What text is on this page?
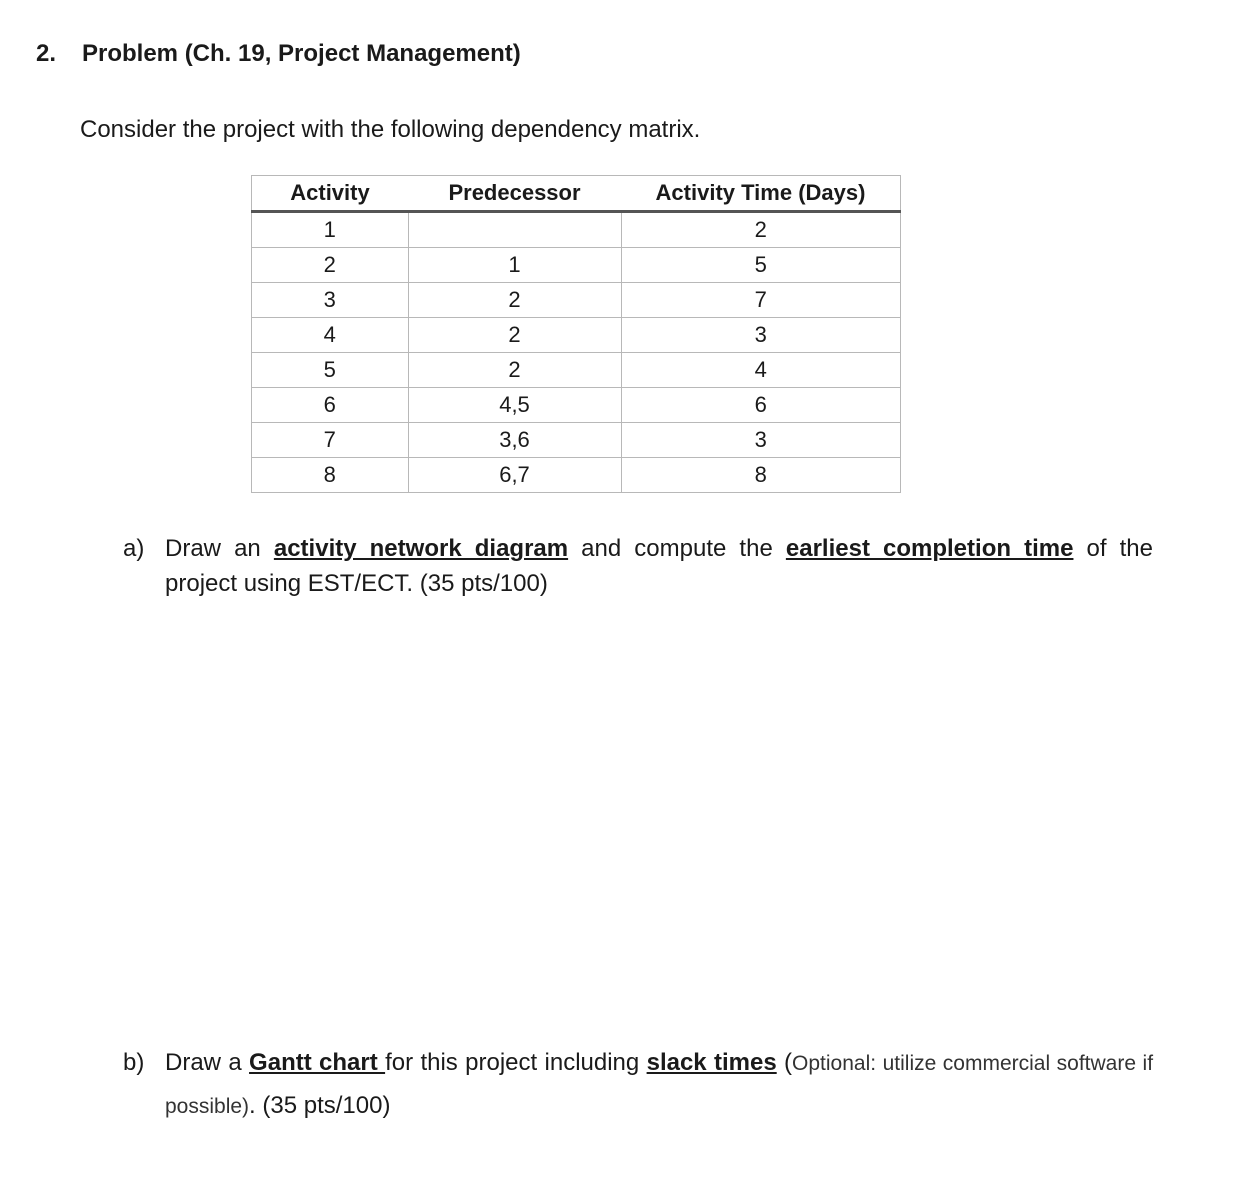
2. Problem (Ch. 19, Project Management)
Consider the project with the following dependency matrix.
Activity	Predecessor	Activity Time (Days)
1		2
2	1	5
3	2	7
4	2	3
5	2	4
6	4,5	6
7	3,6	3
8	6,7	8
a) Draw an activity network diagram and compute the earliest completion time of the project using EST/ECT. (35 pts/100)
b) Draw a Gantt chart for this project including slack times (Optional: utilize commercial software if possible). (35 pts/100)
